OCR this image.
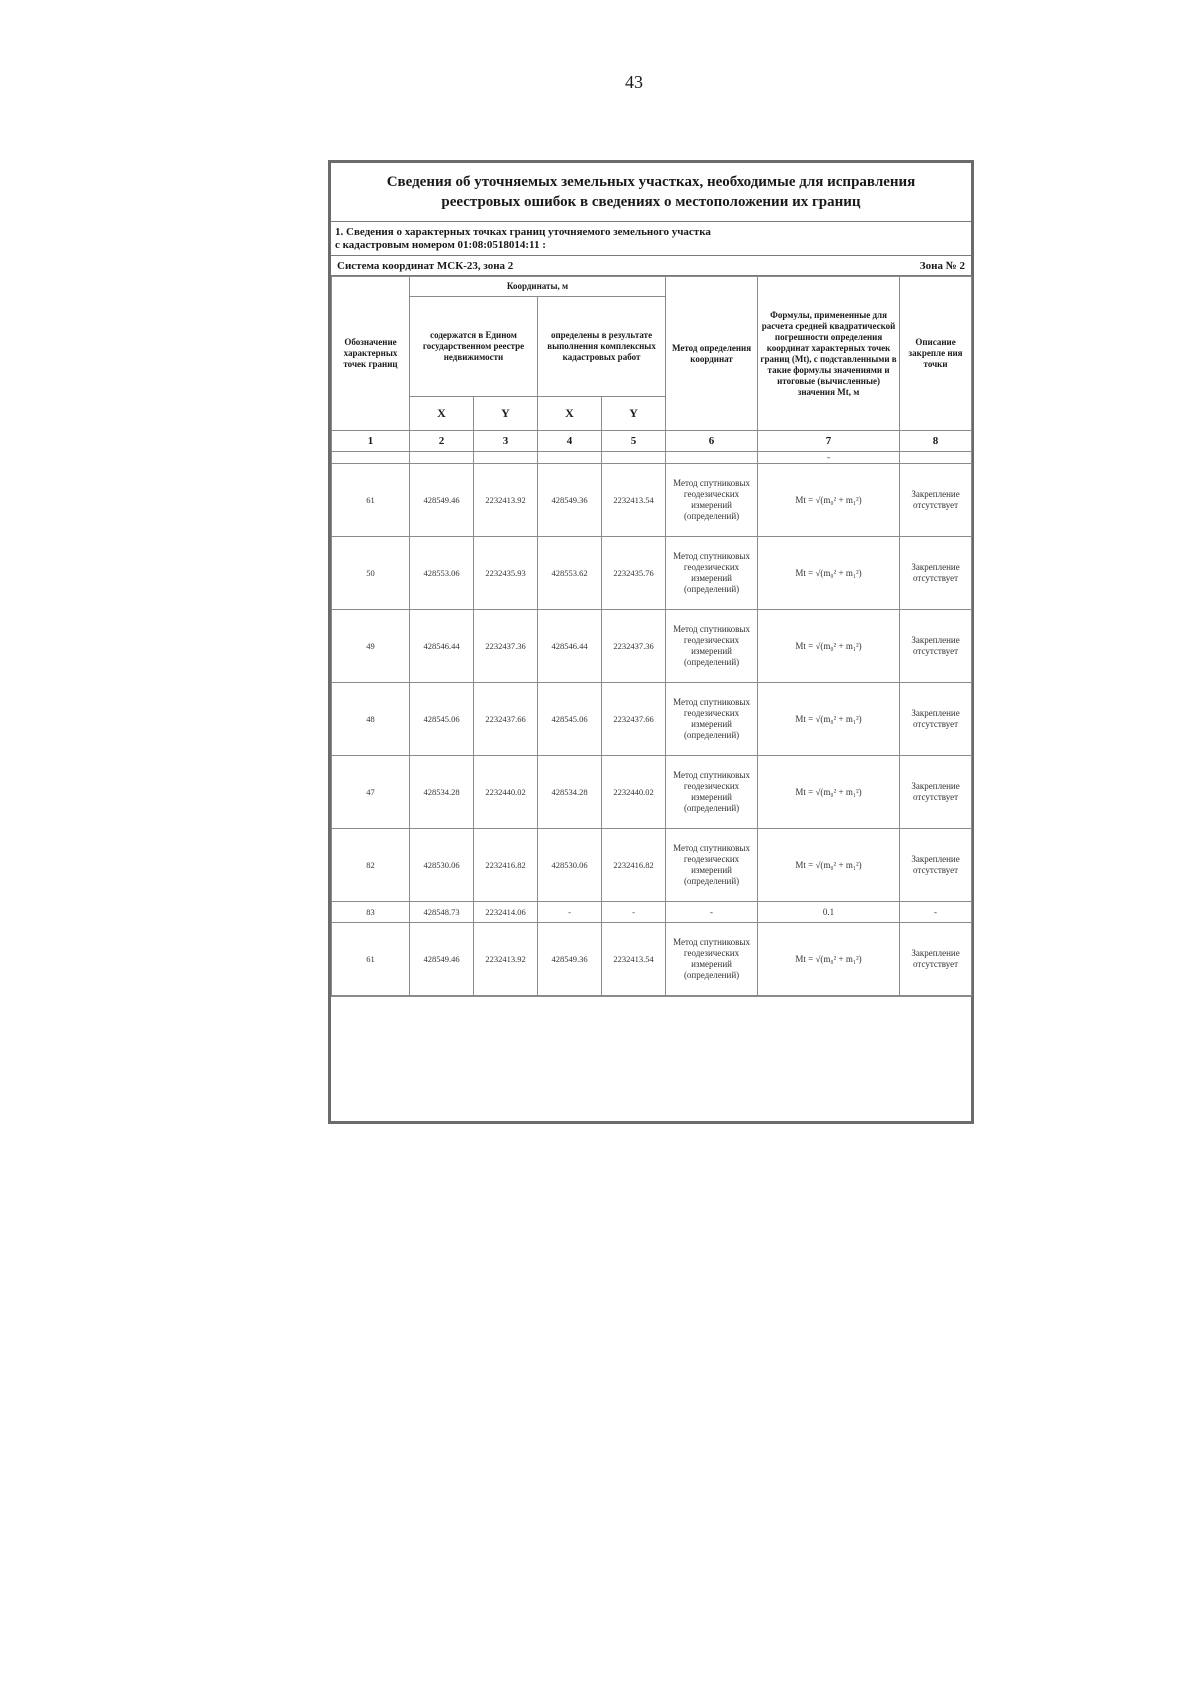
43
Сведения об уточняемых земельных участках, необходимые для исправления
реестровых ошибок в сведениях о местоположении их границ
1. Сведения о характерных точках границ уточняемого земельного участка
с кадастровым номером 01:08:0518014:11 :
Система координат МСК-23, зона 2	Зона № 2
Обозначение характерных точек границ	Координаты, м				Метод определения координат	Формулы, примененные для расчета средней квадратической погрешности определения координат характерных точек границ (Mt), с подставленными в такие формулы значениями и итоговые (вычисленные) значения Mt, м	Описание закрепле ния точки
	содержатся в Едином государственном реестре недвижимости		определены в результате выполнения комплексных кадастровых работ				
	X	Y	X	Y			
1	2	3	4	5	6	7	8
						-	
61	428549.46	2232413.92	428549.36	2232413.54	Метод спутниковых геодезических измерений (определений)	Mt = √(m₀² + m₁²)	Закрепление отсутствует
50	428553.06	2232435.93	428553.62	2232435.76	Метод спутниковых геодезических измерений (определений)	Mt = √(m₀² + m₁²)	Закрепление отсутствует
49	428546.44	2232437.36	428546.44	2232437.36	Метод спутниковых геодезических измерений (определений)	Mt = √(m₀² + m₁²)	Закрепление отсутствует
48	428545.06	2232437.66	428545.06	2232437.66	Метод спутниковых геодезических измерений (определений)	Mt = √(m₀² + m₁²)	Закрепление отсутствует
47	428534.28	2232440.02	428534.28	2232440.02	Метод спутниковых геодезических измерений (определений)	Mt = √(m₀² + m₁²)	Закрепление отсутствует
82	428530.06	2232416.82	428530.06	2232416.82	Метод спутниковых геодезических измерений (определений)	Mt = √(m₀² + m₁²)	Закрепление отсутствует
83	428548.73	2232414.06	-	-	-	0.1	-
61	428549.46	2232413.92	428549.36	2232413.54	Метод спутниковых геодезических измерений (определений)	Mt = √(m₀² + m₁²)	Закрепление отсутствует
